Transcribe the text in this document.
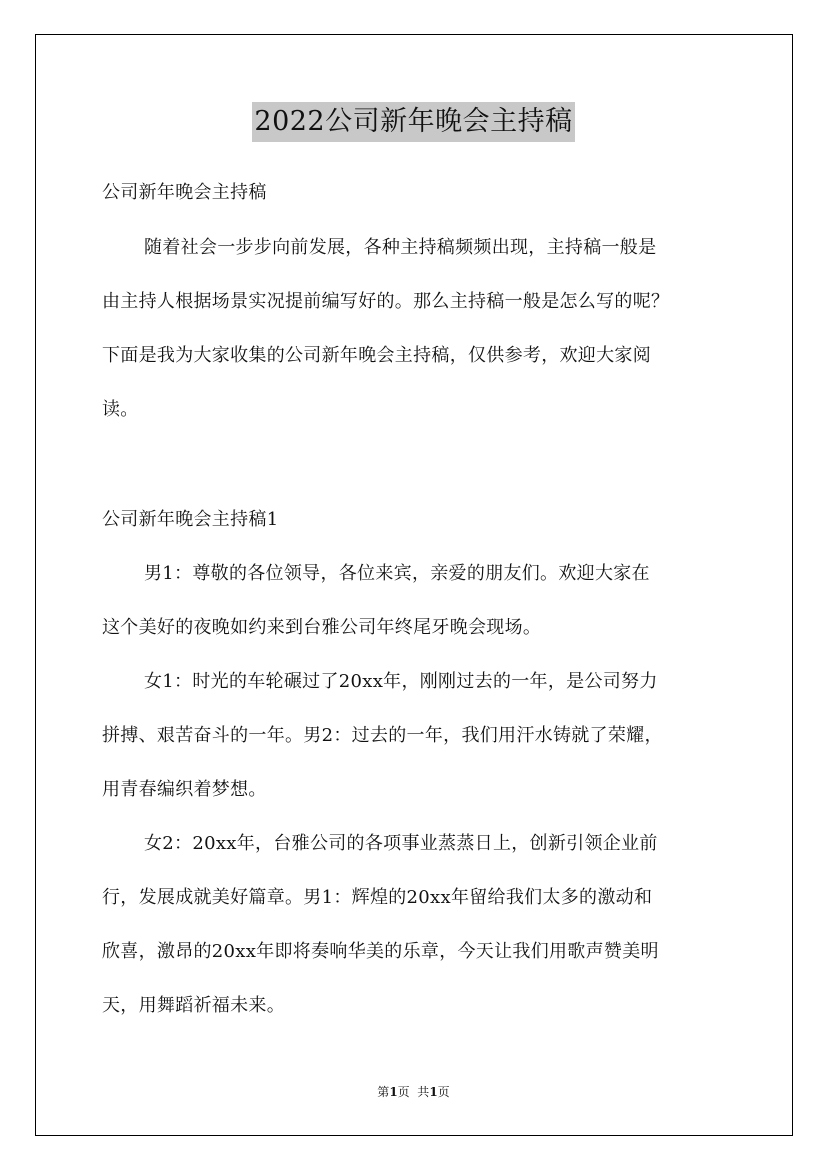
2022公司新年晚会主持稿
公司新年晚会主持稿
随着社会一步步向前发展，各种主持稿频频出现，主持稿一般是
由主持人根据场景实况提前编写好的。那么主持稿一般是怎么写的呢？
下面是我为大家收集的公司新年晚会主持稿，仅供参考，欢迎大家阅
读。
公司新年晚会主持稿1
男1：尊敬的各位领导，各位来宾，亲爱的朋友们。欢迎大家在
这个美好的夜晚如约来到台雅公司年终尾牙晚会现场。
女1：时光的车轮碾过了20xx年，刚刚过去的一年，是公司努力
拼搏、艰苦奋斗的一年。男2：过去的一年，我们用汗水铸就了荣耀，
用青春编织着梦想。
女2：20xx年，台雅公司的各项事业蒸蒸日上，创新引领企业前
行，发展成就美好篇章。男1：辉煌的20xx年留给我们太多的激动和
欣喜，激昂的20xx年即将奏响华美的乐章，今天让我们用歌声赞美明
天，用舞蹈祈福未来。
第1页  共1页
